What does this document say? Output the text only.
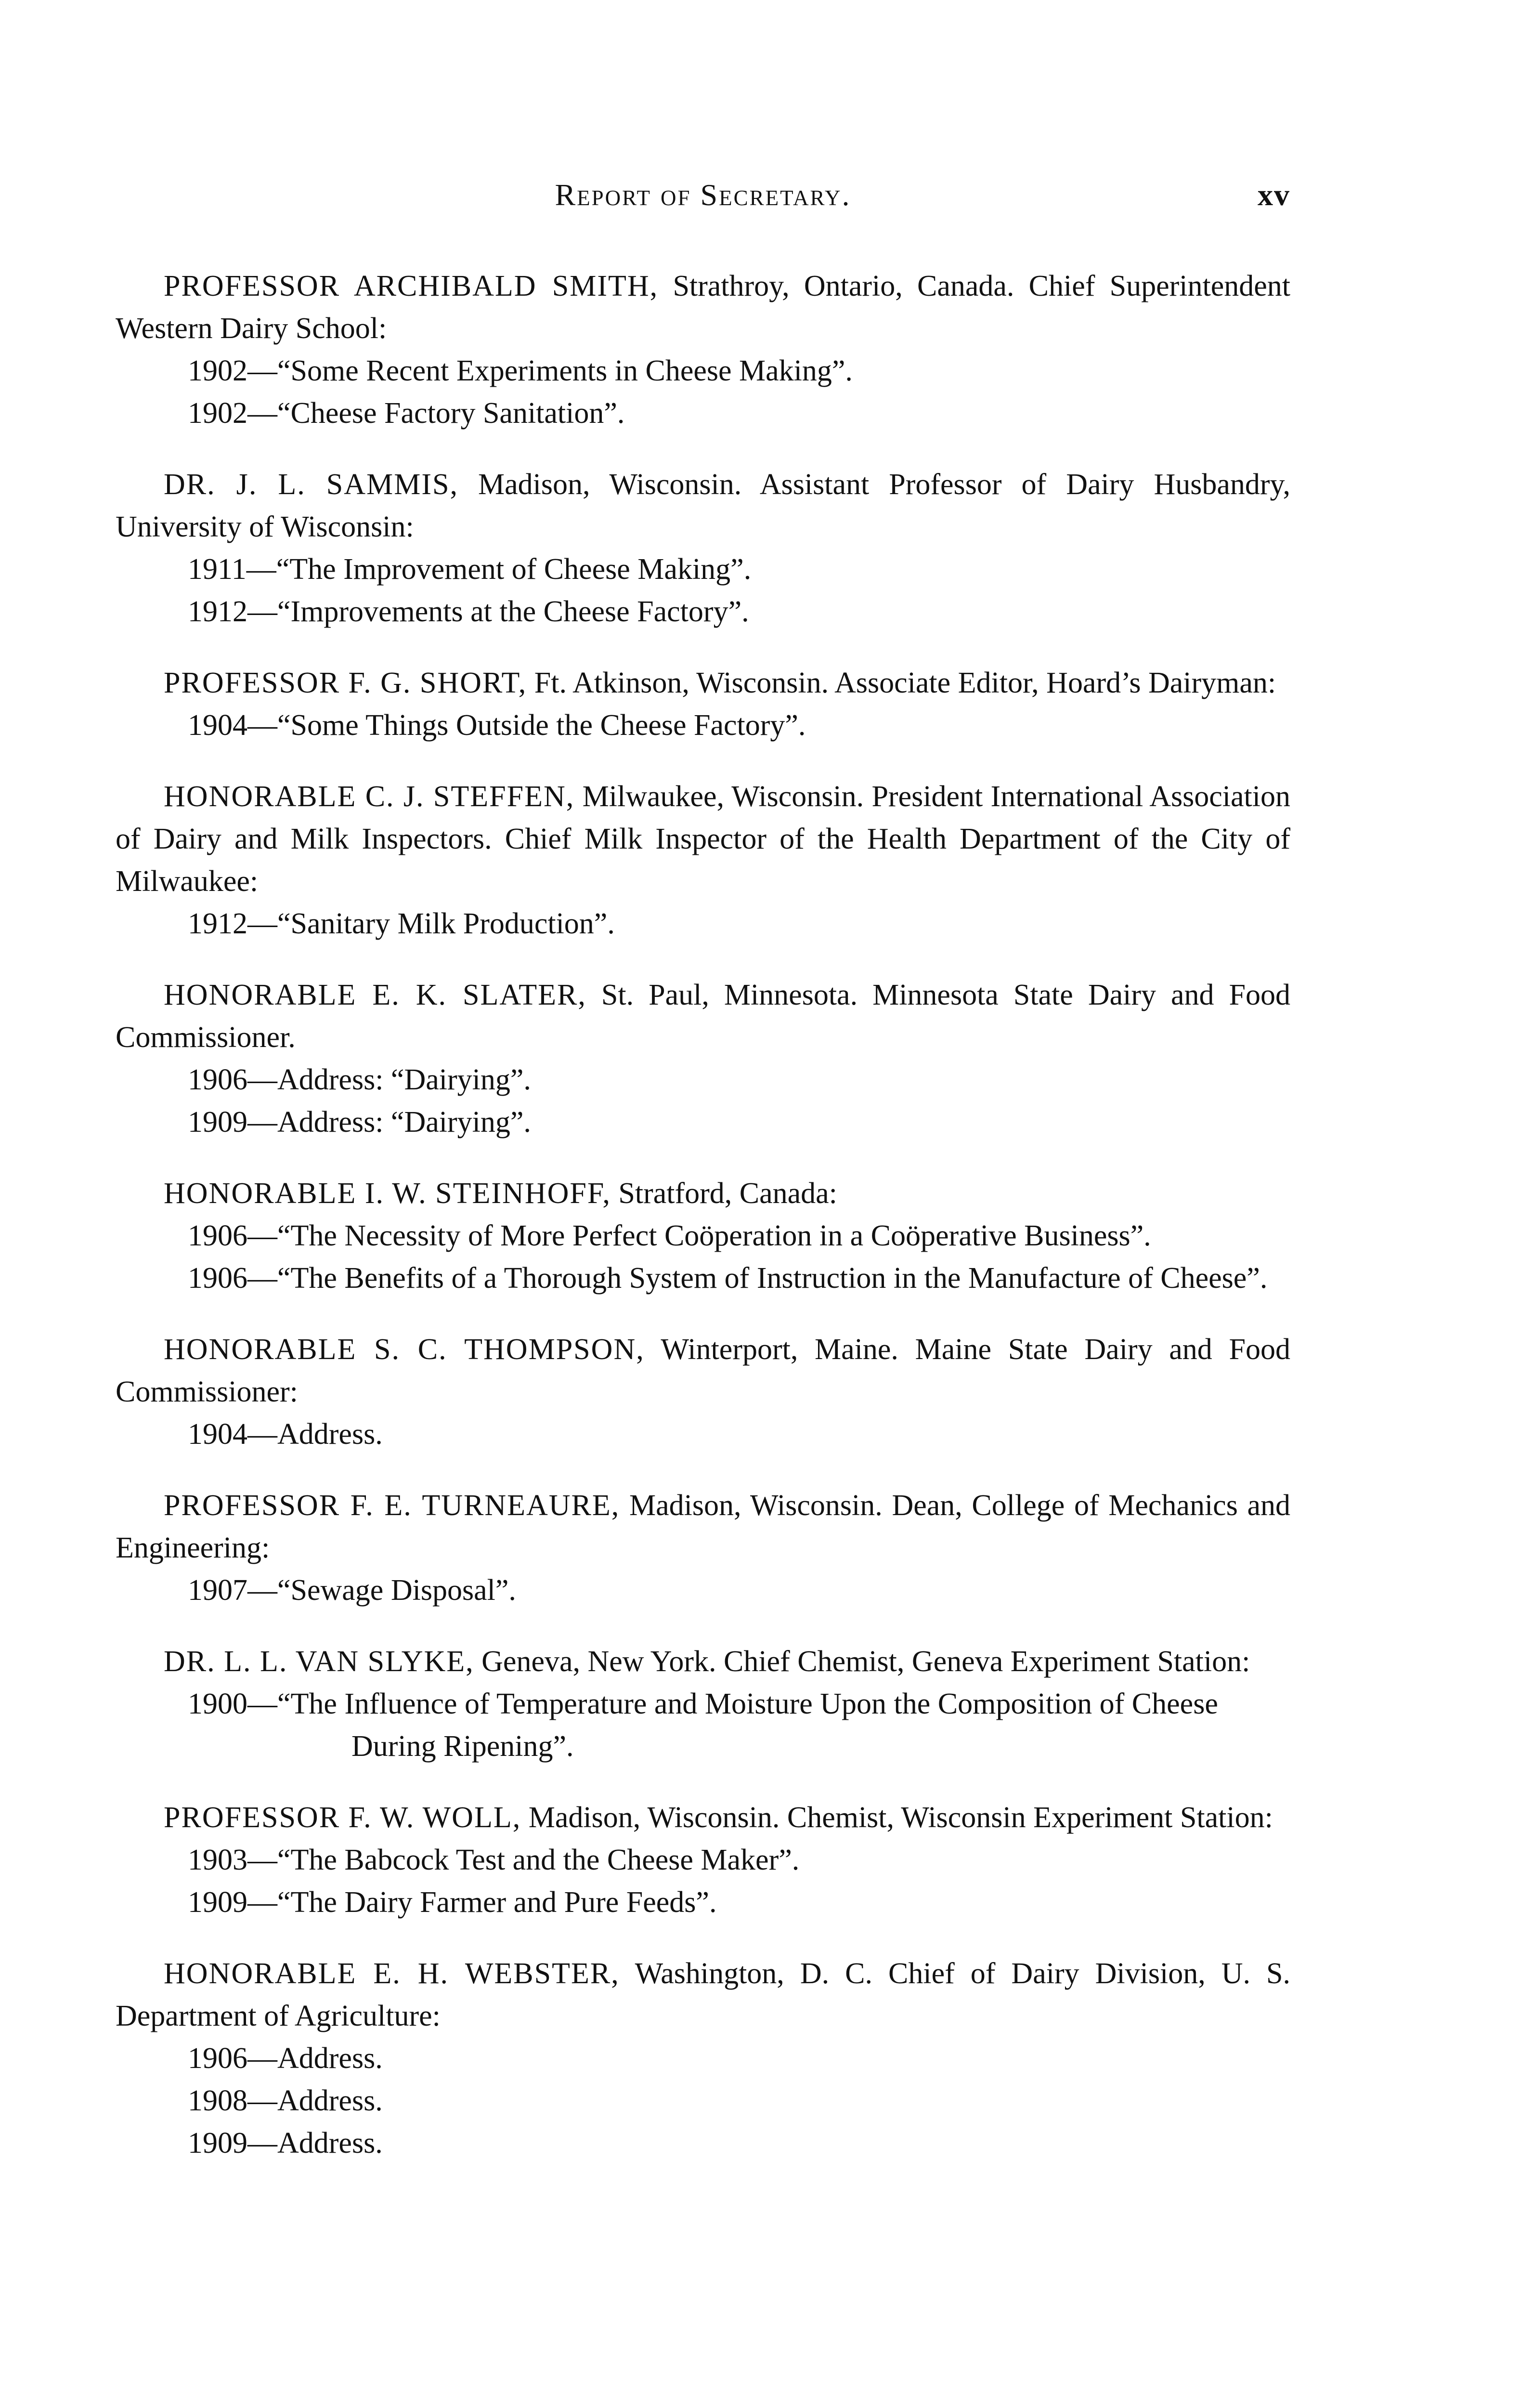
Report of Secretary.	xv

PROFESSOR ARCHIBALD SMITH, Strathroy, Ontario, Canada. Chief Superintendent Western Dairy School:

1902—“Some Recent Experiments in Cheese Making”.

1902—“Cheese Factory Sanitation”.

DR. J. L. SAMMIS, Madison, Wisconsin. Assistant Professor of Dairy Husbandry, University of Wisconsin:

1911—“The Improvement of Cheese Making”.

1912—“Improvements at the Cheese Factory”.

PROFESSOR F. G. SHORT, Ft. Atkinson, Wisconsin. Associate Editor, Hoard’s Dairyman:

1904—“Some Things Outside the Cheese Factory”.

HONORABLE C. J. STEFFEN, Milwaukee, Wisconsin. President International Association of Dairy and Milk Inspectors. Chief Milk Inspector of the Health Department of the City of Milwaukee:

1912—“Sanitary Milk Production”.

HONORABLE E. K. SLATER, St. Paul, Minnesota. Minnesota State Dairy and Food Commissioner.

1906—Address: “Dairying”.

1909—Address: “Dairying”.

HONORABLE I. W. STEINHOFF, Stratford, Canada:

1906—“The Necessity of More Perfect Coöperation in a Coöperative Business”.

1906—“The Benefits of a Thorough System of Instruction in the Manufacture of Cheese”.

HONORABLE S. C. THOMPSON, Winterport, Maine. Maine State Dairy and Food Commissioner:

1904—Address.

PROFESSOR F. E. TURNEAURE, Madison, Wisconsin. Dean, College of Mechanics and Engineering:

1907—“Sewage Disposal”.

DR. L. L. VAN SLYKE, Geneva, New York. Chief Chemist, Geneva Experiment Station:

1900—“The Influence of Temperature and Moisture Upon the Composition of Cheese During Ripening”.

PROFESSOR F. W. WOLL, Madison, Wisconsin. Chemist, Wisconsin Experiment Station:

1903—“The Babcock Test and the Cheese Maker”.

1909—“The Dairy Farmer and Pure Feeds”.

HONORABLE E. H. WEBSTER, Washington, D. C. Chief of Dairy Division, U. S. Department of Agriculture:

1906—Address.

1908—Address.

1909—Address.
